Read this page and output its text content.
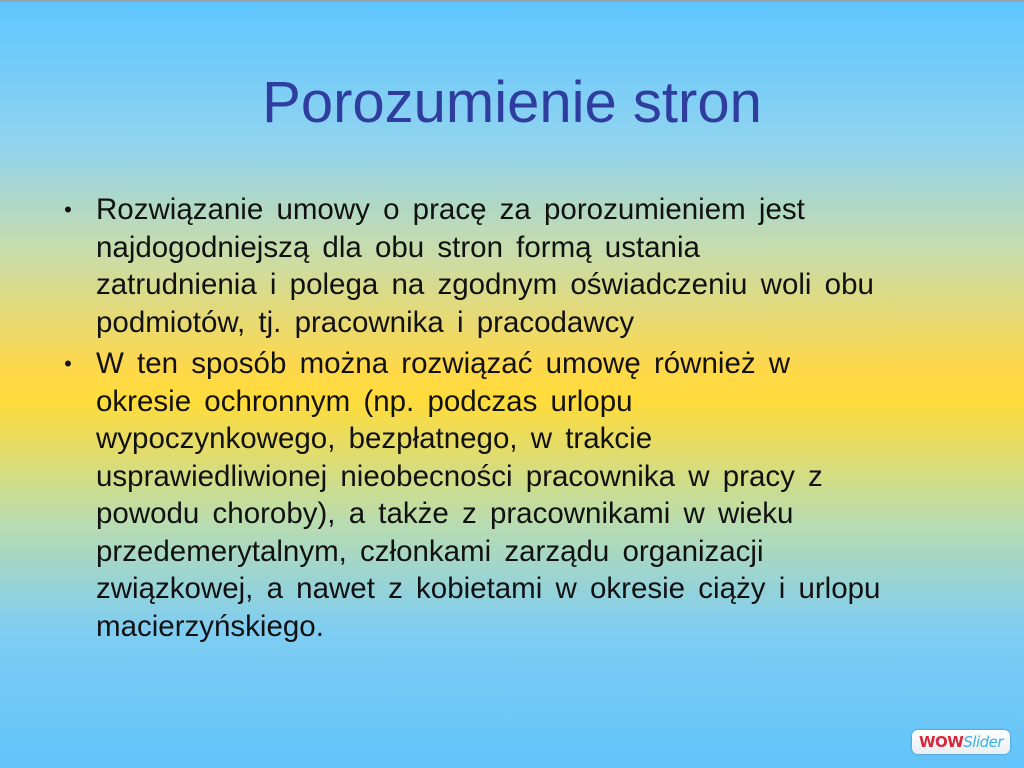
Porozumienie stron
• Rozwiązanie umowy o pracę za porozumieniem jest
najdogodniejszą dla obu stron formą ustania
zatrudnienia i polega na zgodnym oświadczeniu woli obu
podmiotów, tj. pracownika i pracodawcy
• W ten sposób można rozwiązać umowę również w
okresie ochronnym (np. podczas urlopu
wypoczynkowego, bezpłatnego, w trakcie
usprawiedliwionej nieobecności pracownika w pracy z
powodu choroby), a także z pracownikami w wieku
przedemerytalnym, członkami zarządu organizacji
związkowej, a nawet z kobietami w okresie ciąży i urlopu
macierzyńskiego.
WOWSlider
